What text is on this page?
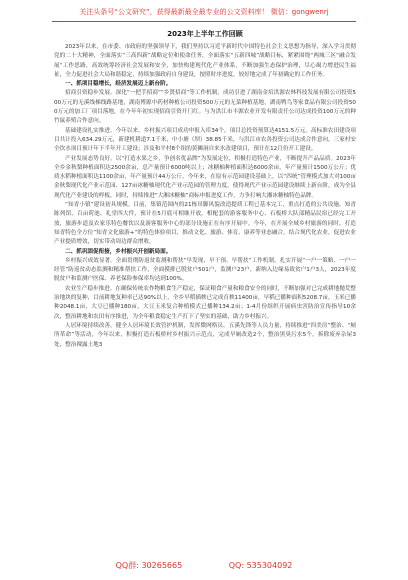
关注头条号“公文研究”，获得最新最全最专业的公文资料库！ 微信：gongwenrj
2023年上半年工作回顾

2023年以来，在市委、市政府的坚强领导下，我们坚持以习近平新时代中国特色社会主义思想为指导，深入学习贯彻党的二十大精神，全面落实“三高四新”战略定位和使命任务，全面落实“五新四城”战略目标，紧紧围绕“两城三区”融合发展“工作思路，高效统筹经济社会发展和安全，加快构建现代化产业体系，不断加强生态保护治理，尽心竭力增进民生福祉，全力促进社会大局和谐稳定，持续加强政府自身建设，按照时序进度，较好地完成了年初确定的工作任务。

一、抓项目稳增长，经济发展迈上新台阶。

招商引资稳步发展。深化“一把手招商”“乡贤招商”等工作机制，成功引进了湖南金培洪源农林科技发展有限公司投资500万元的无溪线梯线路基地，湖南博源中药材种植公司投资500万元的无菜种植基地，湖南鸭鸟等家食品有限公司投资500万元的加工厂项目落地，在今年年初实现招商引资开门红。与为洪江市丰源农业开发有限责任公司达成投资100万元的种竹鼠养殖合作意向。

基础建设扎实推进。今年以来，乡村振兴项目成功申报入库34个，项目总投资预算达4151.5万元。高标准农田建设项目共计投入634.29万元，新建机耕道7.1千米，中小塘（坝）38.85千米，与洪江市农各投资公司达成合作意向，三家村安全饮水项目预计年下半年开工建设；涉及和平村8个组的黄狮洞自来水改建项目，预计在12月份开工建设。

产业发展态势良好。以“打造水果之乡，争创名优品牌”为发展定位，积极打造特色产业，不断提升产品品质。2023年全乡金秋梨种植面积达2500余亩，总产量预计6000吨以上；冰糖柚种植面积达6000余亩，年产量预计1500万公斤；优质水稻种植面积达1100余亩，年产量预计44万公斤。今年来，在原有示范园建设基础上，以“四统”管理模式加大对100亩金秋梨现代化产业示范园、127亩冰糖柚现代化产业示范园的管理力度，使得现代产业示范园建设继续上新台阶，成为全县现代化产业建设的样板，同时，持续推进“大湘冰糖柚”商标申报进度工作，力争打响大湘冰糖柚特色品牌。

“知青小镇”建设初具规模。目前，集镇范围内的21栋吊脚风貌改造提质工程已基本完工，重点打造的公共设施、知青陈列馆、百亩荷池、礼堂四大件，预计在5月底可相继开放，相配套的游客服务中心、石板桥大队部精品民宿已经完工开放，旅游步道及农家乐特色餐饮以及游客服务中心的部分设施正在有序开展中。今年，在开展全域乡村旅游的同时，打造知青特色全方位“知青文化旅游+”的特色体验项目，推动文化、旅游、体育、康养等业态融合，结合现代化农业，促进农业产业提质增效，切实带动周边群众增收。

二、抓巩固促衔接，乡村振兴开创新局面。

乡村振兴成效显著。全面贯彻防返贫监测和帮扶“早发现、早干预、早帮扶”工作机制，扎实开展“一户一策略、一户一经管”防返贫动态监测和精准帮扶工作，全面摸排已脱贫户501户，监测户23户，新纳入边缘易致贫户1户3人，2023年度脱贫户和监测户医保、养老保险参保率均达到100%。

农业生产稳步推进。在确保传统农作物粮食生产稳定，保证粮食产量和粮食安全的同时，不断加强对已完成耕地抛荒整治地块的复种，目前耕地复种率已达90%以上，全乡早稻插秧已完成育秧11400亩，早稻已播种面积5208.7亩，玉米已播种2048.1亩，大豆已播种180亩，大豆玉米复合种植模式已播种134.2亩；1-4月份组织开展病虫害防治宣传指导10余次，整治耕地和农田有序推进，为全年粮食稳定生产打下了坚实的基础，助力乡村振兴。

人居环境持续改善。健全人居环境长效管护机制，发挥微网格员、五溪先锋等人员力量，持续推进“四美房”整治、“厕所革命”等活动，今年以来，积极打造石板桥村乡村振兴示范点，完成旱厕改造2个，整治黑臭污水5个，拆除废弃杂屋3处，整治裸露土地3

QQ群: 30265665	QQ: 535304092
